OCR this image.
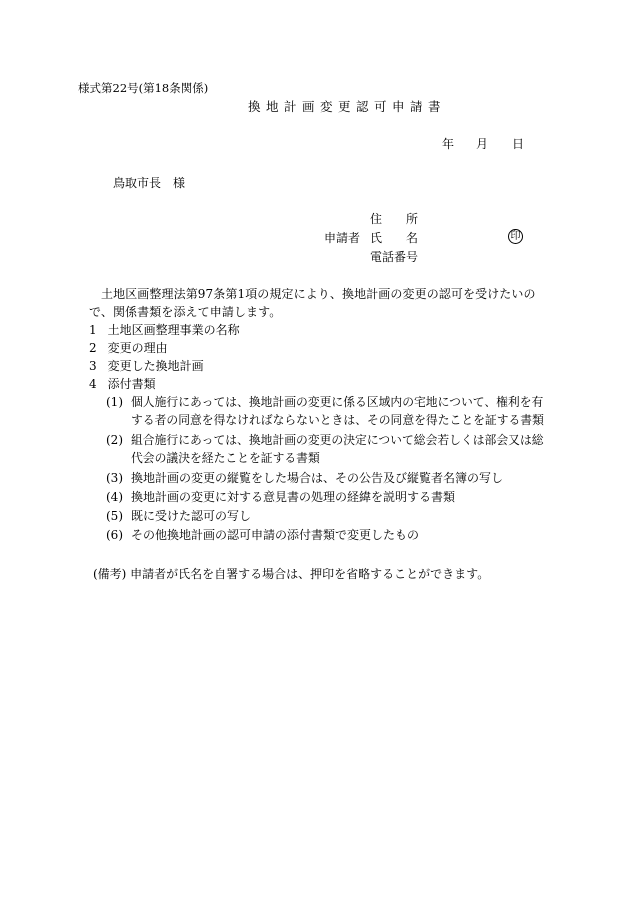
様式第22号(第18条関係)
換地計画変更認可申請書
年 月 日
鳥取市長　様
申請者
住　　所
氏　　名
電話番号
印
土地区画整理法第97条第1項の規定により、換地計画の変更の認可を受けたいので、関係書類を添えて申請します。
1 土地区画整理事業の名称
2 変更の理由
3 変更した換地計画
4 添付書類
(1) 個人施行にあっては、換地計画の変更に係る区域内の宅地について、権利を有する者の同意を得なければならないときは、その同意を得たことを証する書類
(2) 組合施行にあっては、換地計画の変更の決定について総会若しくは部会又は総代会の議決を経たことを証する書類
(3) 換地計画の変更の縦覧をした場合は、その公告及び縦覧者名簿の写し
(4) 換地計画の変更に対する意見書の処理の経緯を説明する書類
(5) 既に受けた認可の写し
(6) その他換地計画の認可申請の添付書類で変更したもの
(備考) 申請者が氏名を自署する場合は、押印を省略することができます。
